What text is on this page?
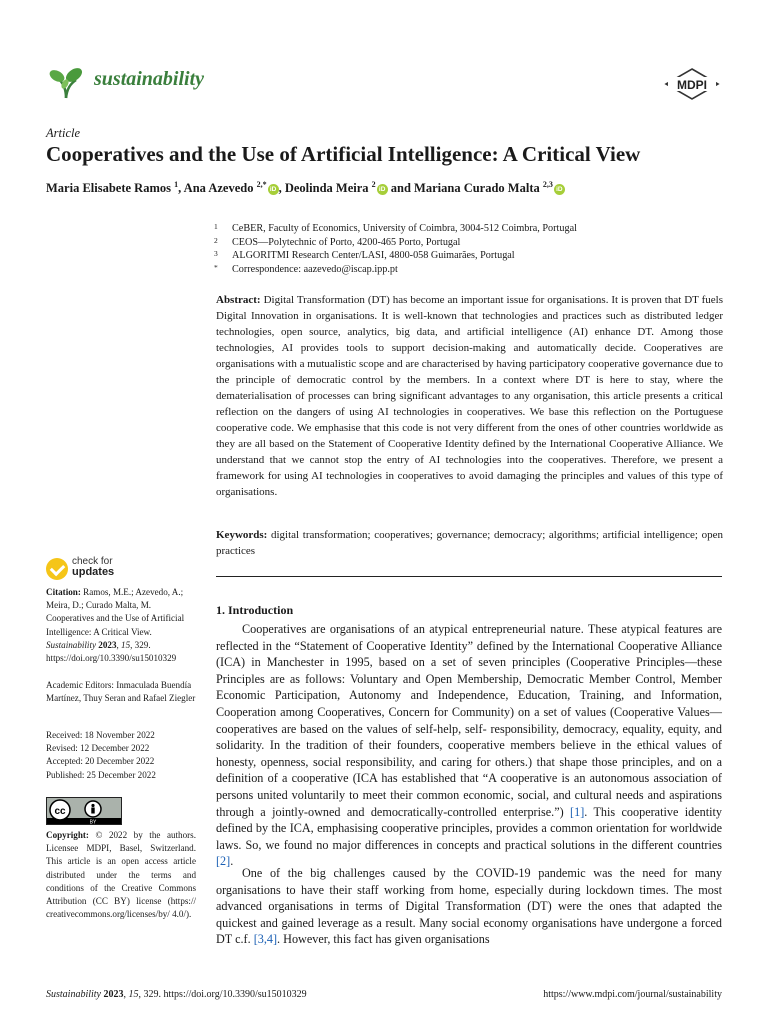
sustainability	MDPI
Article
Cooperatives and the Use of Artificial Intelligence: A Critical View
Maria Elisabete Ramos $^1$, Ana Azevedo $^{2,*}$iD , Deolinda Meira $^2$iD and Mariana Curado Malta $^{2,3}$iD
1	CeBER, Faculty of Economics, University of Coimbra, 3004-512 Coimbra, Portugal
2	CEOS—Polytechnic of Porto, 4200-465 Porto, Portugal
3	ALGORITMI Research Center/LASI, 4800-058 Guimarães, Portugal
*	Correspondence: aazevedo@iscap.ipp.pt

Abstract: Digital Transformation (DT) has become an important issue for organisations. It is proven that DT fuels Digital Innovation in organisations. It is well-known that technologies and practices such as distributed ledger technologies, open source, analytics, big data, and artificial intelligence (AI) enhance DT. Among those technologies, AI provides tools to support decision-making and automatically decide. Cooperatives are organisations with a mutualistic scope and are characterised by having participatory cooperative governance due to the principle of democratic control by the members. In a context where DT is here to stay, where the dematerialisation of processes can bring significant advantages to any organisation, this article presents a critical reflection on the dangers of using AI technologies in cooperatives. We base this reflection on the Portuguese cooperative code. We emphasise that this code is not very different from the ones of other countries worldwide as they are all based on the Statement of Cooperative Identity defined by the International Cooperative Alliance. We understand that we cannot stop the entry of AI technologies into the cooperatives. Therefore, we present a framework for using AI technologies in cooperatives to avoid damaging the principles and values of this type of organisations.

Keywords: digital transformation; cooperatives; governance; democracy; algorithms; artificial intelligence; open practices

check for
updates

Citation: Ramos, M.E.; Azevedo, A.; Meira, D.; Curado Malta, M. Cooperatives and the Use of Artificial Intelligence: A Critical View. Sustainability 2023, 15, 329. https://doi.org/10.3390/su15010329

Academic Editors: Inmaculada Buendía Martínez, Thuy Seran and Rafael Ziegler

Received: 18 November 2022
Revised: 12 December 2022
Accepted: 20 December 2022
Published: 25 December 2022
cc
BY

Copyright: © 2022 by the authors. Licensee MDPI, Basel, Switzerland. This article is an open access article distributed under the terms and conditions of the Creative Commons Attribution (CC BY) license (https:// creativecommons.org/licenses/by/ 4.0/).

1. Introduction

Cooperatives are organisations of an atypical entrepreneurial nature. These atypical features are reflected in the “Statement of Cooperative Identity” defined by the International Cooperative Alliance (ICA) in Manchester in 1995, based on a set of seven principles (Cooperative Principles—these Principles are as follows: Voluntary and Open Membership, Democratic Member Control, Member Economic Participation, Autonomy and Independence, Education, Training, and Information, Cooperation among Cooperatives, Concern for Community) on a set of values (Cooperative Values—cooperatives are based on the values of self-help, self- responsibility, democracy, equality, equity, and solidarity. In the tradition of their founders, cooperative members believe in the ethical values of honesty, openness, social responsibility, and caring for others.) that shape those principles, and on a definition of a cooperative (ICA has established that “A cooperative is an autonomous association of persons united voluntarily to meet their common economic, social, and cultural needs and aspirations through a jointly-owned and democratically-controlled enterprise.”) [1]. This cooperative identity defined by the ICA, emphasising cooperative principles, provides a common orientation for worldwide laws. So, we found no major differences in concepts and practical solutions in the different countries [2].

One of the big challenges caused by the COVID-19 pandemic was the need for many organisations to have their staff working from home, especially during lockdown times. The most advanced organisations in terms of Digital Transformation (DT) were the ones that adapted the quickest and gained leverage as a result. Many social economy organisations have undergone a forced DT c.f. [3,4]. However, this fact has given organisations

Sustainability 2023, 15, 329. https://doi.org/10.3390/su15010329	https://www.mdpi.com/journal/sustainability
